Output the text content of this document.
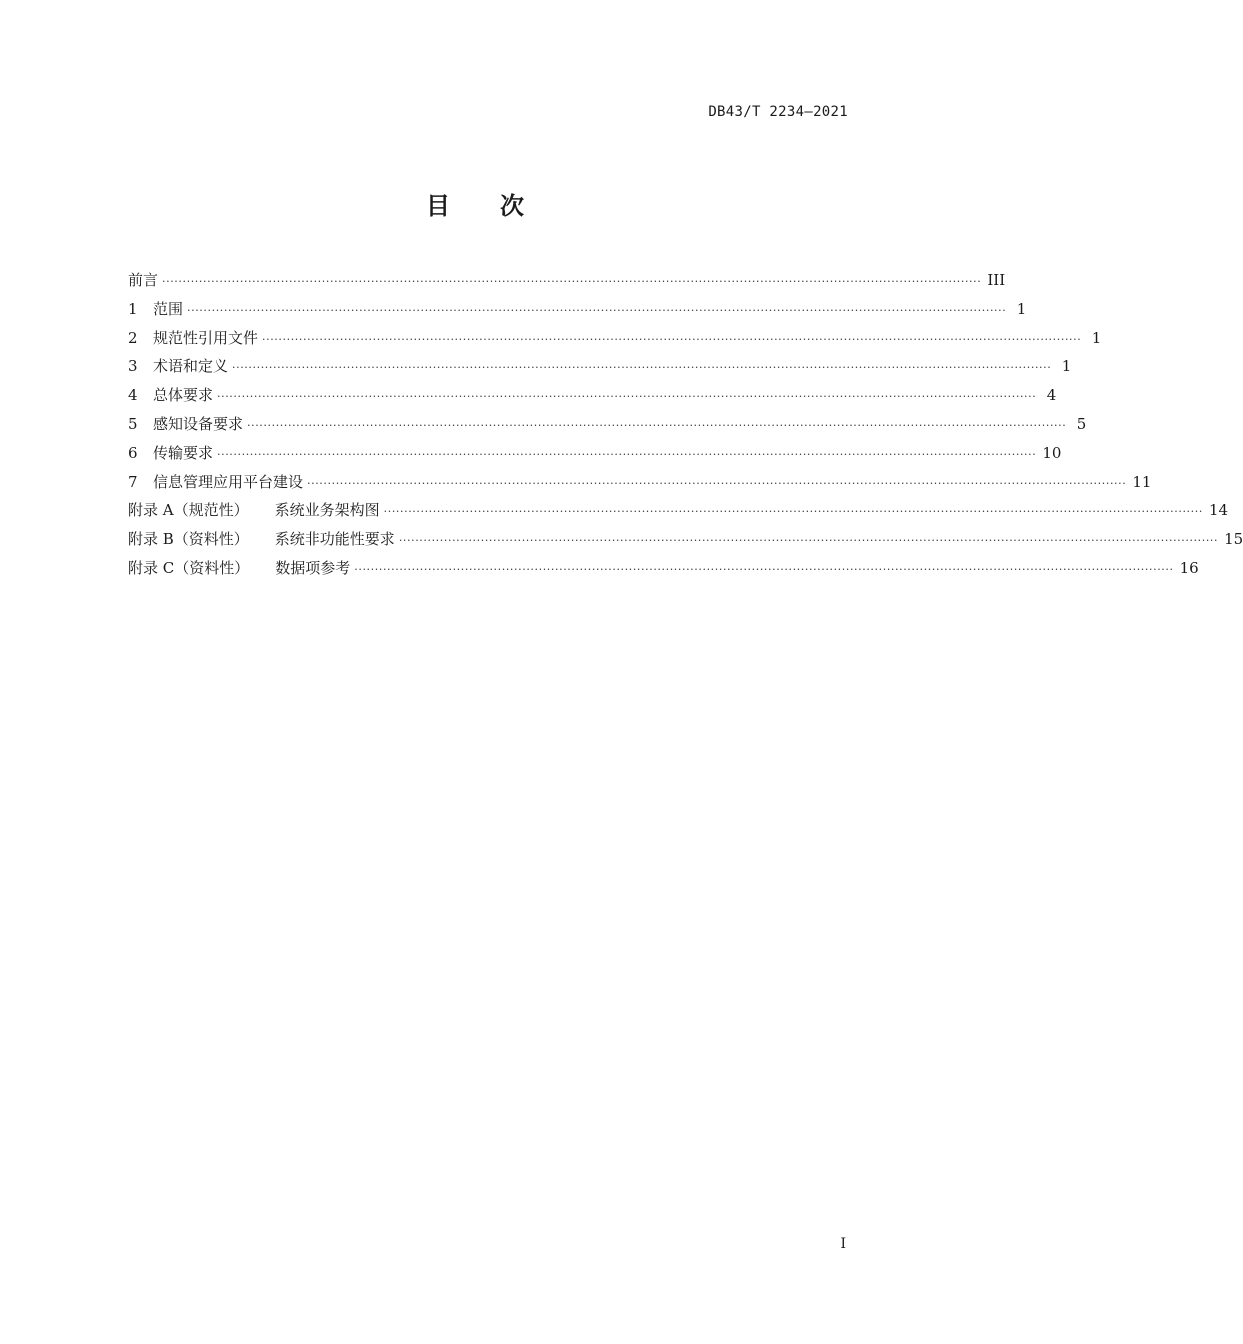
DB43/T 2234—2021
目 次
前言 ········································································································································································································ III
1	范围 ········································································································································································································ 1
2	规范性引用文件 ········································································································································································································ 1
3	术语和定义 ········································································································································································································ 1
4	总体要求 ········································································································································································································ 4
5	感知设备要求 ········································································································································································································ 5
6	传输要求 ········································································································································································································ 10
7	信息管理应用平台建设 ········································································································································································································ 11
附录 A（规范性） 系统业务架构图 ········································································································································································································ 14
附录 B（资料性） 系统非功能性要求 ········································································································································································································ 15
附录 C（资料性） 数据项参考 ········································································································································································································ 16
I
